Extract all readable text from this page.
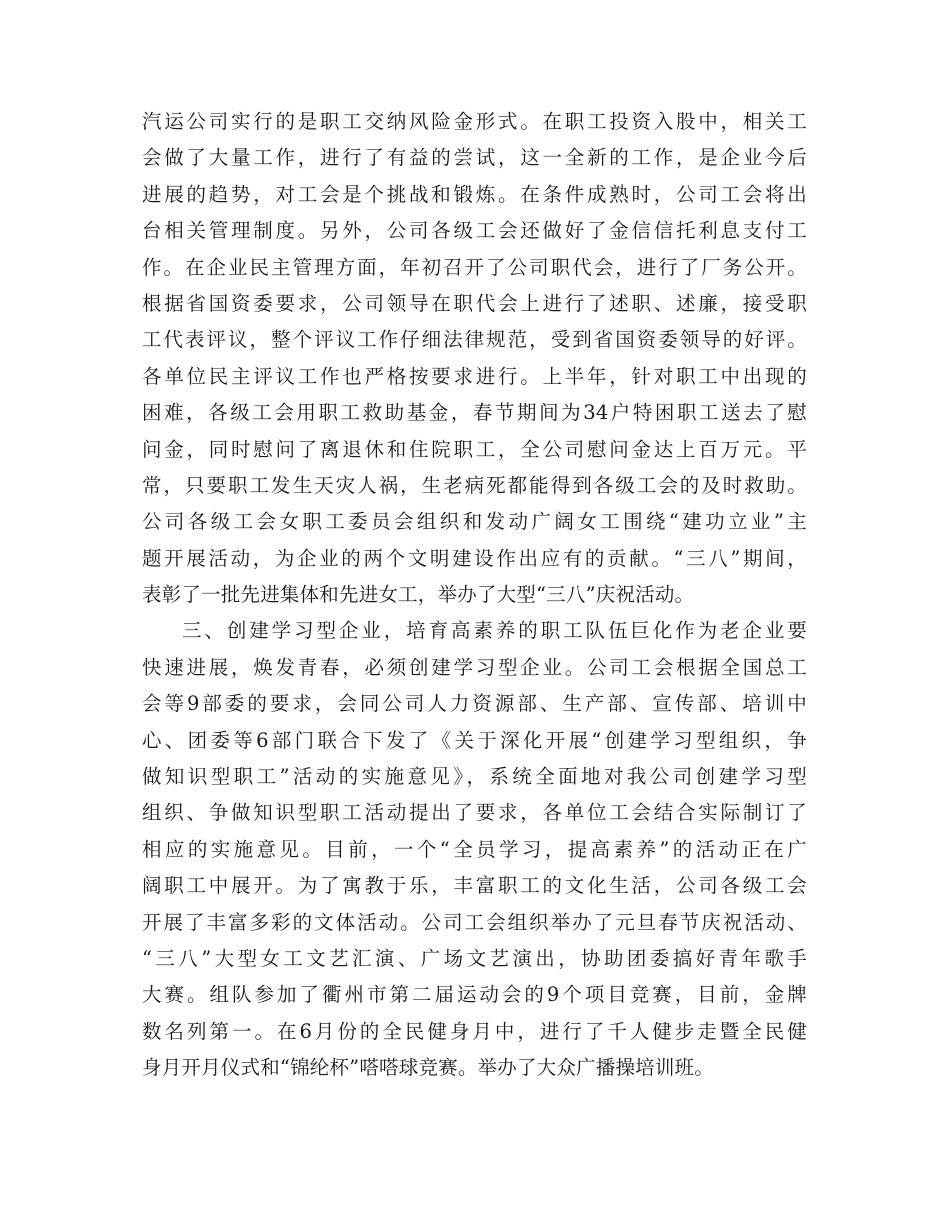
汽运公司实行的是职工交纳风险金形式。在职工投资入股中，相关工
会做了大量工作，进行了有益的尝试，这一全新的工作，是企业今后
进展的趋势，对工会是个挑战和锻炼。在条件成熟时，公司工会将出
台相关管理制度。另外，公司各级工会还做好了金信信托利息支付工
作。在企业民主管理方面，年初召开了公司职代会，进行了厂务公开。
根据省国资委要求，公司领导在职代会上进行了述职、述廉，接受职
工代表评议，整个评议工作仔细法律规范，受到省国资委领导的好评。
各单位民主评议工作也严格按要求进行。上半年，针对职工中出现的
困难，各级工会用职工救助基金，春节期间为34户特困职工送去了慰
问金，同时慰问了离退休和住院职工，全公司慰问金达上百万元。平
常，只要职工发生天灾人祸，生老病死都能得到各级工会的及时救助。
公司各级工会女职工委员会组织和发动广阔女工围绕“建功立业”主
题开展活动，为企业的两个文明建设作出应有的贡献。“三八”期间，
表彰了一批先进集体和先进女工，举办了大型“三八”庆祝活动。
三、创建学习型企业，培育高素养的职工队伍巨化作为老企业要
快速进展，焕发青春，必须创建学习型企业。公司工会根据全国总工
会等9部委的要求，会同公司人力资源部、生产部、宣传部、培训中
心、团委等6部门联合下发了《关于深化开展“创建学习型组织，争
做知识型职工”活动的实施意见》，系统全面地对我公司创建学习型
组织、争做知识型职工活动提出了要求，各单位工会结合实际制订了
相应的实施意见。目前，一个“全员学习，提高素养”的活动正在广
阔职工中展开。为了寓教于乐，丰富职工的文化生活，公司各级工会
开展了丰富多彩的文体活动。公司工会组织举办了元旦春节庆祝活动、
“三八”大型女工文艺汇演、广场文艺演出，协助团委搞好青年歌手
大赛。组队参加了衢州市第二届运动会的9个项目竞赛，目前，金牌
数名列第一。在6月份的全民健身月中，进行了千人健步走暨全民健
身月开月仪式和“锦纶杯”嗒嗒球竞赛。举办了大众广播操培训班。
